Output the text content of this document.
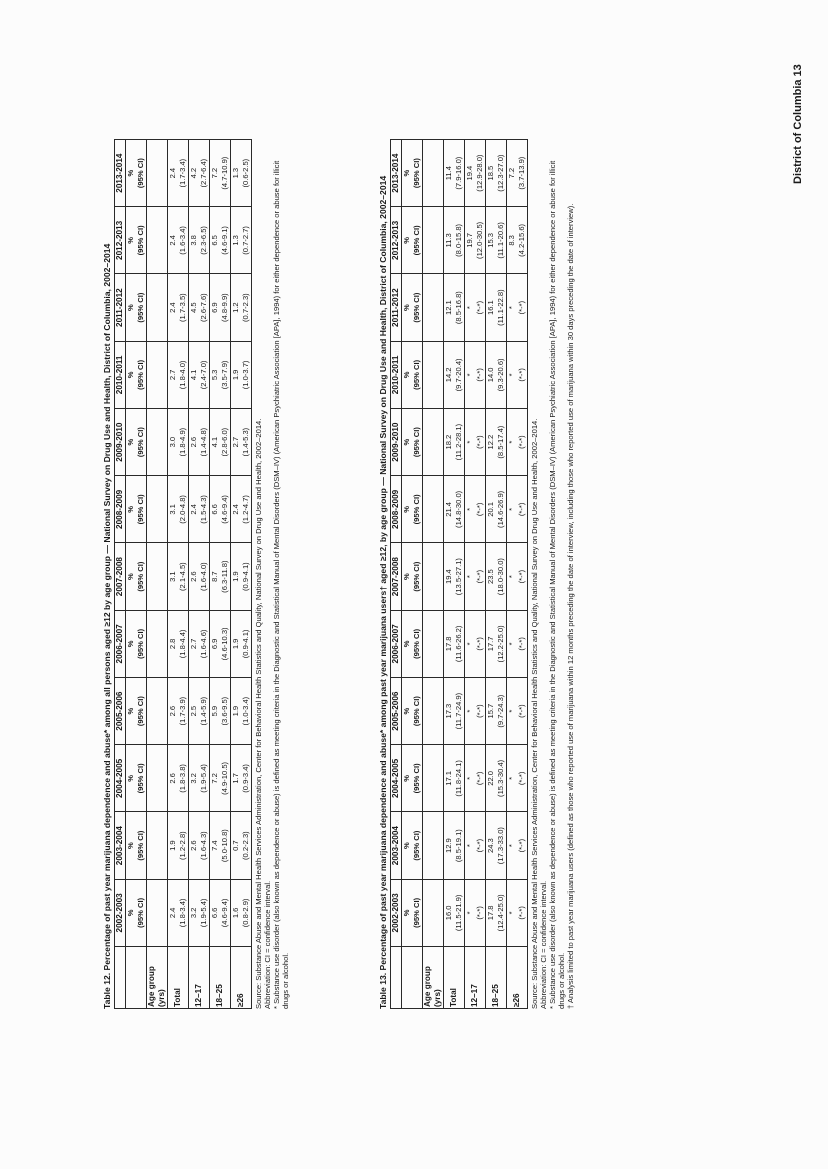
Table 12. Percentage of past year marijuana dependence and abuse* among all persons aged ≥12 by age group — National Survey on Drug Use and Health, District of Columbia, 2002–2014
	2002-2003	2003-2004	2004-2005	2005-2006	2006-2007	2007-2008	2008-2009	2009-2010	2010-2011	2011-2012	2012-2013	2013-2014

	% (95% CI)	% (95% CI)	% (95% CI)	% (95% CI)	% (95% CI)	% (95% CI)	% (95% CI)	% (95% CI)	% (95% CI)	% (95% CI)	% (95% CI)	% (95% CI)

Age group (yrs)												
Total	2.4 (1.8-3.4)	1.9 (1.2-2.8)	2.6 (1.8-3.8)	2.6 (1.7-3.9)	2.8 (1.8-4.4)	3.1 (2.1-4.5)	3.1 (2.0-4.8)	3.0 (1.8-4.9)	2.7 (1.8-4.0)	2.4 (1.7-3.5)	2.4 (1.6-3.4)	2.4 (1.7-3.4)

12–17	3.2 (1.9-5.4)	2.6 (1.6-4.3)	3.2 (1.9-5.4)	2.5 (1.4-5.9)	2.7 (1.6-4.6)	2.6 (1.6-4.0)	2.4 (1.5-4.3)	2.6 (1.4-4.8)	4.1 (2.4-7.0)	4.5 (2.6-7.6)	3.8 (2.3-6.5)	4.2 (2.7-6.4)

18–25	6.6 (4.6-9.4)	7.4 (5.0-10.8)	7.2 (4.9-10.5)	5.9 (3.6-9.5)	6.9 (4.6-10.3)	8.7 (6.3-11.8)	6.6 (4.6-9.4)	4.1 (2.8-6.0)	5.3 (3.5-7.9)	6.9 (4.8-9.9)	6.5 (4.6-9.1)	7.2 (4.7-10.9)

≥26	1.6 (0.8-2.9)	0.7 (0.2-2.3)	1.7 (0.9-3.4)	1.9 (1.0-3.4)	1.9 (0.9-4.1)	1.9 (0.9-4.1)	2.4 (1.2-4.7)	2.7 (1.4-5.3)	1.9 (1.0-3.7)	1.2 (0.7-2.3)	1.3 (0.7-2.7)	1.3 (0.6-2.5)

Source: Substance Abuse and Mental Health Services Administration, Center for Behavioral Health Statistics and Quality, National Survey on Drug Use and Health, 2002–2014. Abbreviation: CI = confidence interval. * Substance use disorder (also known as dependence or abuse) is defined as meeting criteria in the Diagnostic and Statistical Manual of Mental Disorders (DSM–IV) (American Psychiatric Association [APA], 1994) for either dependence or abuse for illicit drugs or alcohol.	Table 13. Percentage of past year marijuana dependence and abuse* among past year marijuana users† aged ≥12, by age group — National Survey on Drug Use and Health, District of Columbia, 2002–2014
	2002-2003	2003-2004	2004-2005	2005-2006	2006-2007	2007-2008	2008-2009	2009-2010	2010-2011	2011-2012	2012-2013	2013-2014

	% (95% CI)	% (95% CI)	% (95% CI)	% (95% CI)	% (95% CI)	% (95% CI)	% (95% CI)	% (95% CI)	% (95% CI)	% (95% CI)	% (95% CI)	% (95% CI)

Age group (yrs)												
Total	16.0 (11.5-21.9)	12.9 (8.5-19.1)	17.1 (11.8-24.1)	17.3 (11.7-24.9)	17.8 (11.6-26.2)	19.4 (13.5-27.1)	21.4 (14.8-30.0)	18.2 (11.2-28.1)	14.2 (9.7-20.4)	12.1 (8.5-16.8)	11.3 (8.0-15.8)	11.4 (7.9-16.0)

12–17	* (*-*)	* (*-*)	* (*-*)	* (*-*)	* (*-*)	* (*-*)	* (*-*)	* (*-*)	* (*-*)	* (*-*)	19.7 (12.0-30.5)	19.4 (12.9-28.0)

18–25	17.8 (12.4-25.0)	24.3 (17.3-33.0)	22.0 (15.3-30.4)	15.7 (9.7-24.3)	17.7 (12.2-25.0)	23.5 (18.0-30.0)	20.1 (14.6-26.9)	12.2 (8.5-17.4)	14.0 (9.3-20.6)	16.1 (11.1-22.8)	15.3 (11.1-20.6)	18.5 (12.3-27.0)

≥26	* (*-*)	* (*-*)	* (*-*)	* (*-*)	* (*-*)	* (*-*)	* (*-*)	* (*-*)	* (*-*)	* (*-*)	8.3 (4.2-15.6)	7.2 (3.7-13.9)

Source: Substance Abuse and Mental Health Services Administration, Center for Behavioral Health Statistics and Quality, National Survey on Drug Use and Health, 2002–2014. Abbreviation: CI = confidence interval. * Substance use disorder (also known as dependence or abuse) is defined as meeting criteria in the Diagnostic and Statistical Manual of Mental Disorders (DSM–IV) (American Psychiatric Association [APA], 1994) for either dependence or abuse for illicit drugs or alcohol. † Analysis limited to past year marijuana users (defined as those who reported use of marijuana within 12 months preceding the date of interview, including those who reported use of marijuana within 30 days preceding the date of interview).

District of Columbia 13
